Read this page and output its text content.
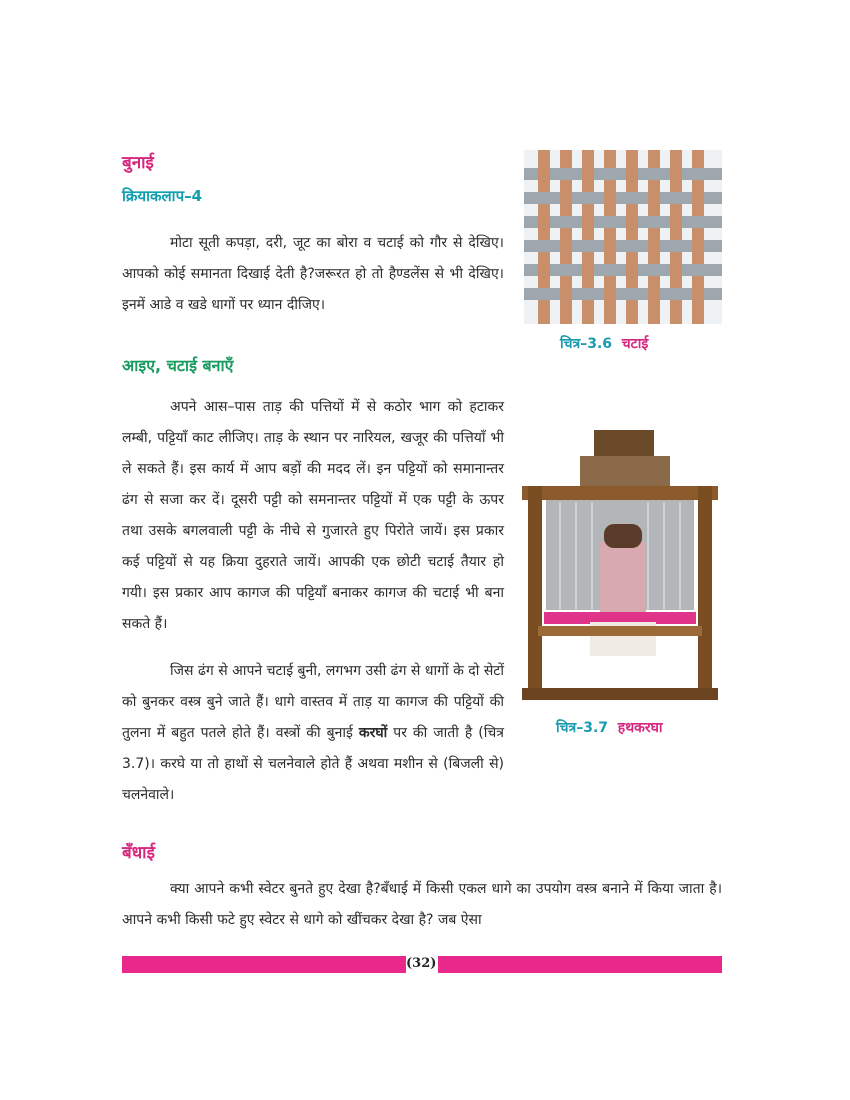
बुनाई
क्रियाकलाप–4
मोटा सूती कपड़ा, दरी, जूट का बोरा व चटाई को गौर से देखिए। आपको कोई समानता दिखाई देती है?जरूरत हो तो हैण्डलेंस से भी देखिए। इनमें आडे व खडे धागों पर ध्यान दीजिए।
चित्र–3.6 चटाई
आइए, चटाई बनाएँ
अपने आस–पास ताड़ की पत्तियों में से कठोर भाग को हटाकर लम्बी, पट्टियाँ काट लीजिए। ताड़ के स्थान पर नारियल, खजूर की पत्तियाँ भी ले सकते हैं। इस कार्य में आप बड़ों की मदद लें। इन पट्टियों को समानान्तर ढंग से सजा कर दें। दूसरी पट्टी को समनान्तर पट्टियों में एक पट्टी के ऊपर तथा उसके बगलवाली पट्टी के नीचे से गुजारते हुए पिरोते जायें। इस प्रकार कई पट्टियों से यह क्रिया दुहराते जायें। आपकी एक छोटी चटाई तैयार हो गयी। इस प्रकार आप कागज की पट्टियाँ बनाकर कागज की चटाई भी बना सकते हैं।
जिस ढंग से आपने चटाई बुनी, लगभग उसी ढंग से धागों के दो सेटों को बुनकर वस्त्र बुने जाते हैं। धागे वास्तव में ताड़ या कागज की पट्टियों की तुलना में बहुत पतले होते हैं। वस्त्रों की बुनाई करघों पर की जाती है (चित्र 3.7)। करघे या तो हाथों से चलनेवाले होते हैं अथवा मशीन से (बिजली से) चलनेवाले।
चित्र–3.7 हथकरघा
बँधाई
क्या आपने कभी स्वेटर बुनते हुए देखा है?बँधाई में किसी एकल धागे का उपयोग वस्त्र बनाने में किया जाता है। आपने कभी किसी फटे हुए स्वेटर से धागे को खींचकर देखा है? जब ऐसा
(32)
